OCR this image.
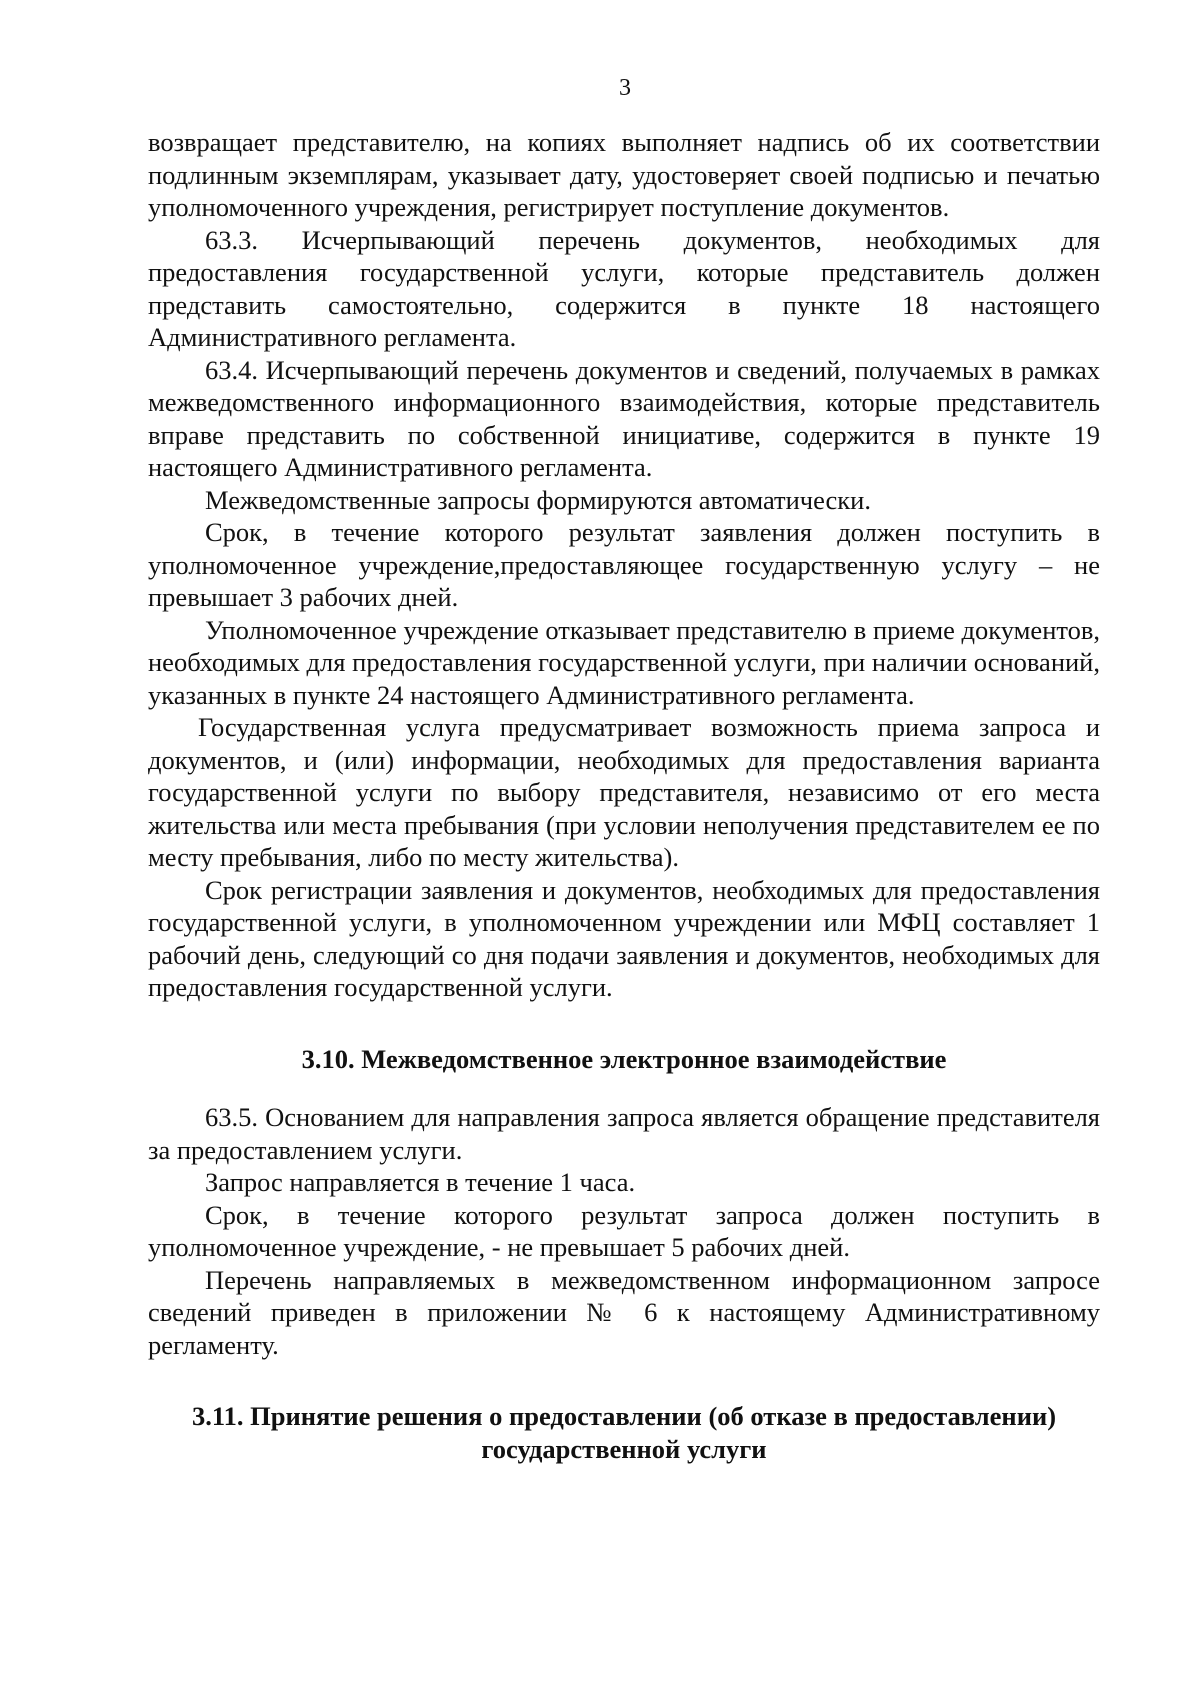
3

возвращает представителю, на копиях выполняет надпись об их соответствии подлинным экземплярам, указывает дату, удостоверяет своей подписью и печатью уполномоченного учреждения, регистрирует поступление документов.

63.3. Исчерпывающий перечень документов, необходимых для предоставления государственной услуги, которые представитель должен представить самостоятельно, содержится в пункте 18 настоящего Административного регламента.

63.4. Исчерпывающий перечень документов и сведений, получаемых в рамках межведомственного информационного взаимодействия, которые представитель вправе представить по собственной инициативе, содержится в пункте 19 настоящего Административного регламента.

Межведомственные запросы формируются автоматически.

Срок, в течение которого результат заявления должен поступить в уполномоченное учреждение,предоставляющее государственную услугу – не превышает 3 рабочих дней.

Уполномоченное учреждение отказывает представителю в приеме документов, необходимых для предоставления государственной услуги, при наличии оснований, указанных в пункте 24 настоящего Административного регламента.

Государственная услуга предусматривает возможность приема запроса и документов, и (или) информации, необходимых для предоставления варианта государственной услуги по выбору представителя, независимо от его места жительства или места пребывания (при условии неполучения представителем ее по месту пребывания, либо по месту жительства).

Срок регистрации заявления и документов, необходимых для предоставления государственной услуги, в уполномоченном учреждении или МФЦ составляет 1 рабочий день, следующий со дня подачи заявления и документов, необходимых для предоставления государственной услуги.

3.10. Межведомственное электронное взаимодействие

63.5. Основанием для направления запроса является обращение представителя за предоставлением услуги.

Запрос направляется в течение 1 часа.

Срок, в течение которого результат запроса должен поступить в уполномоченное учреждение, - не превышает 5 рабочих дней.

Перечень направляемых в межведомственном информационном запросе сведений приведен в приложении № 6 к настоящему Административному регламенту.

3.11. Принятие решения о предоставлении (об отказе в предоставлении)
государственной услуги
